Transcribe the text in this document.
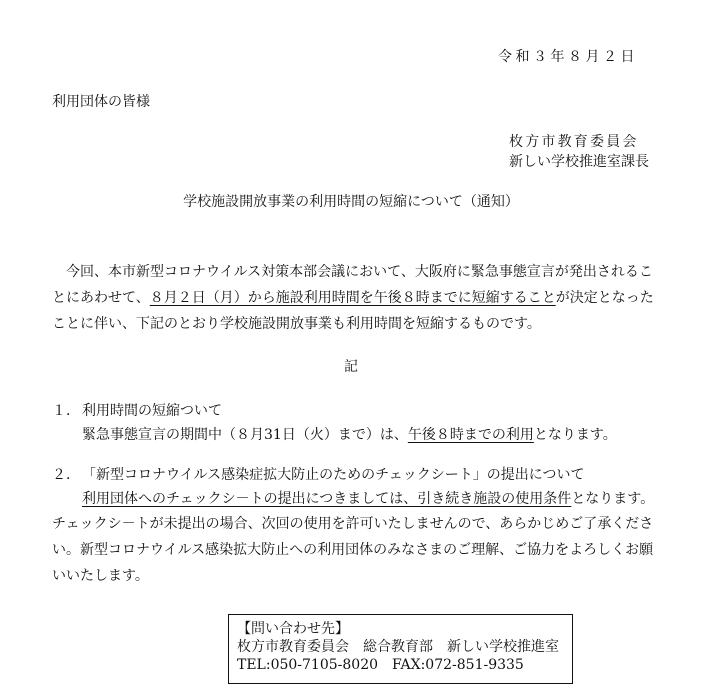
令和３年８月２日
利用団体の皆様
枚方市教育委員会
新しい学校推進室課長
学校施設開放事業の利用時間の短縮について（通知）
今回、本市新型コロナウイルス対策本部会議において、大阪府に緊急事態宣言が発出されることにあわせて、８月２日（月）から施設利用時間を午後８時までに短縮することが決定となったことに伴い、下記のとおり学校施設開放事業も利用時間を短縮するものです。
記
１． 利用時間の短縮ついて
緊急事態宣言の期間中（８月31日（火）まで）は、午後８時までの利用となります。
２． 「新型コロナウイルス感染症拡大防止のためのチェックシート」の提出について
利用団体へのチェックシ－トの提出につきましては、引き続き施設の使用条件となります。
チェックシ－トが未提出の場合、次回の使用を許可いたしませんので、あらかじめご了承ください。新型コロナウイルス感染拡大防止への利用団体のみなさまのご理解、ご協力をよろしくお願いいたします。
【問い合わせ先】
枚方市教育委員会　総合教育部　新しい学校推進室
TEL:050-7105-8020　FAX:072-851-9335
